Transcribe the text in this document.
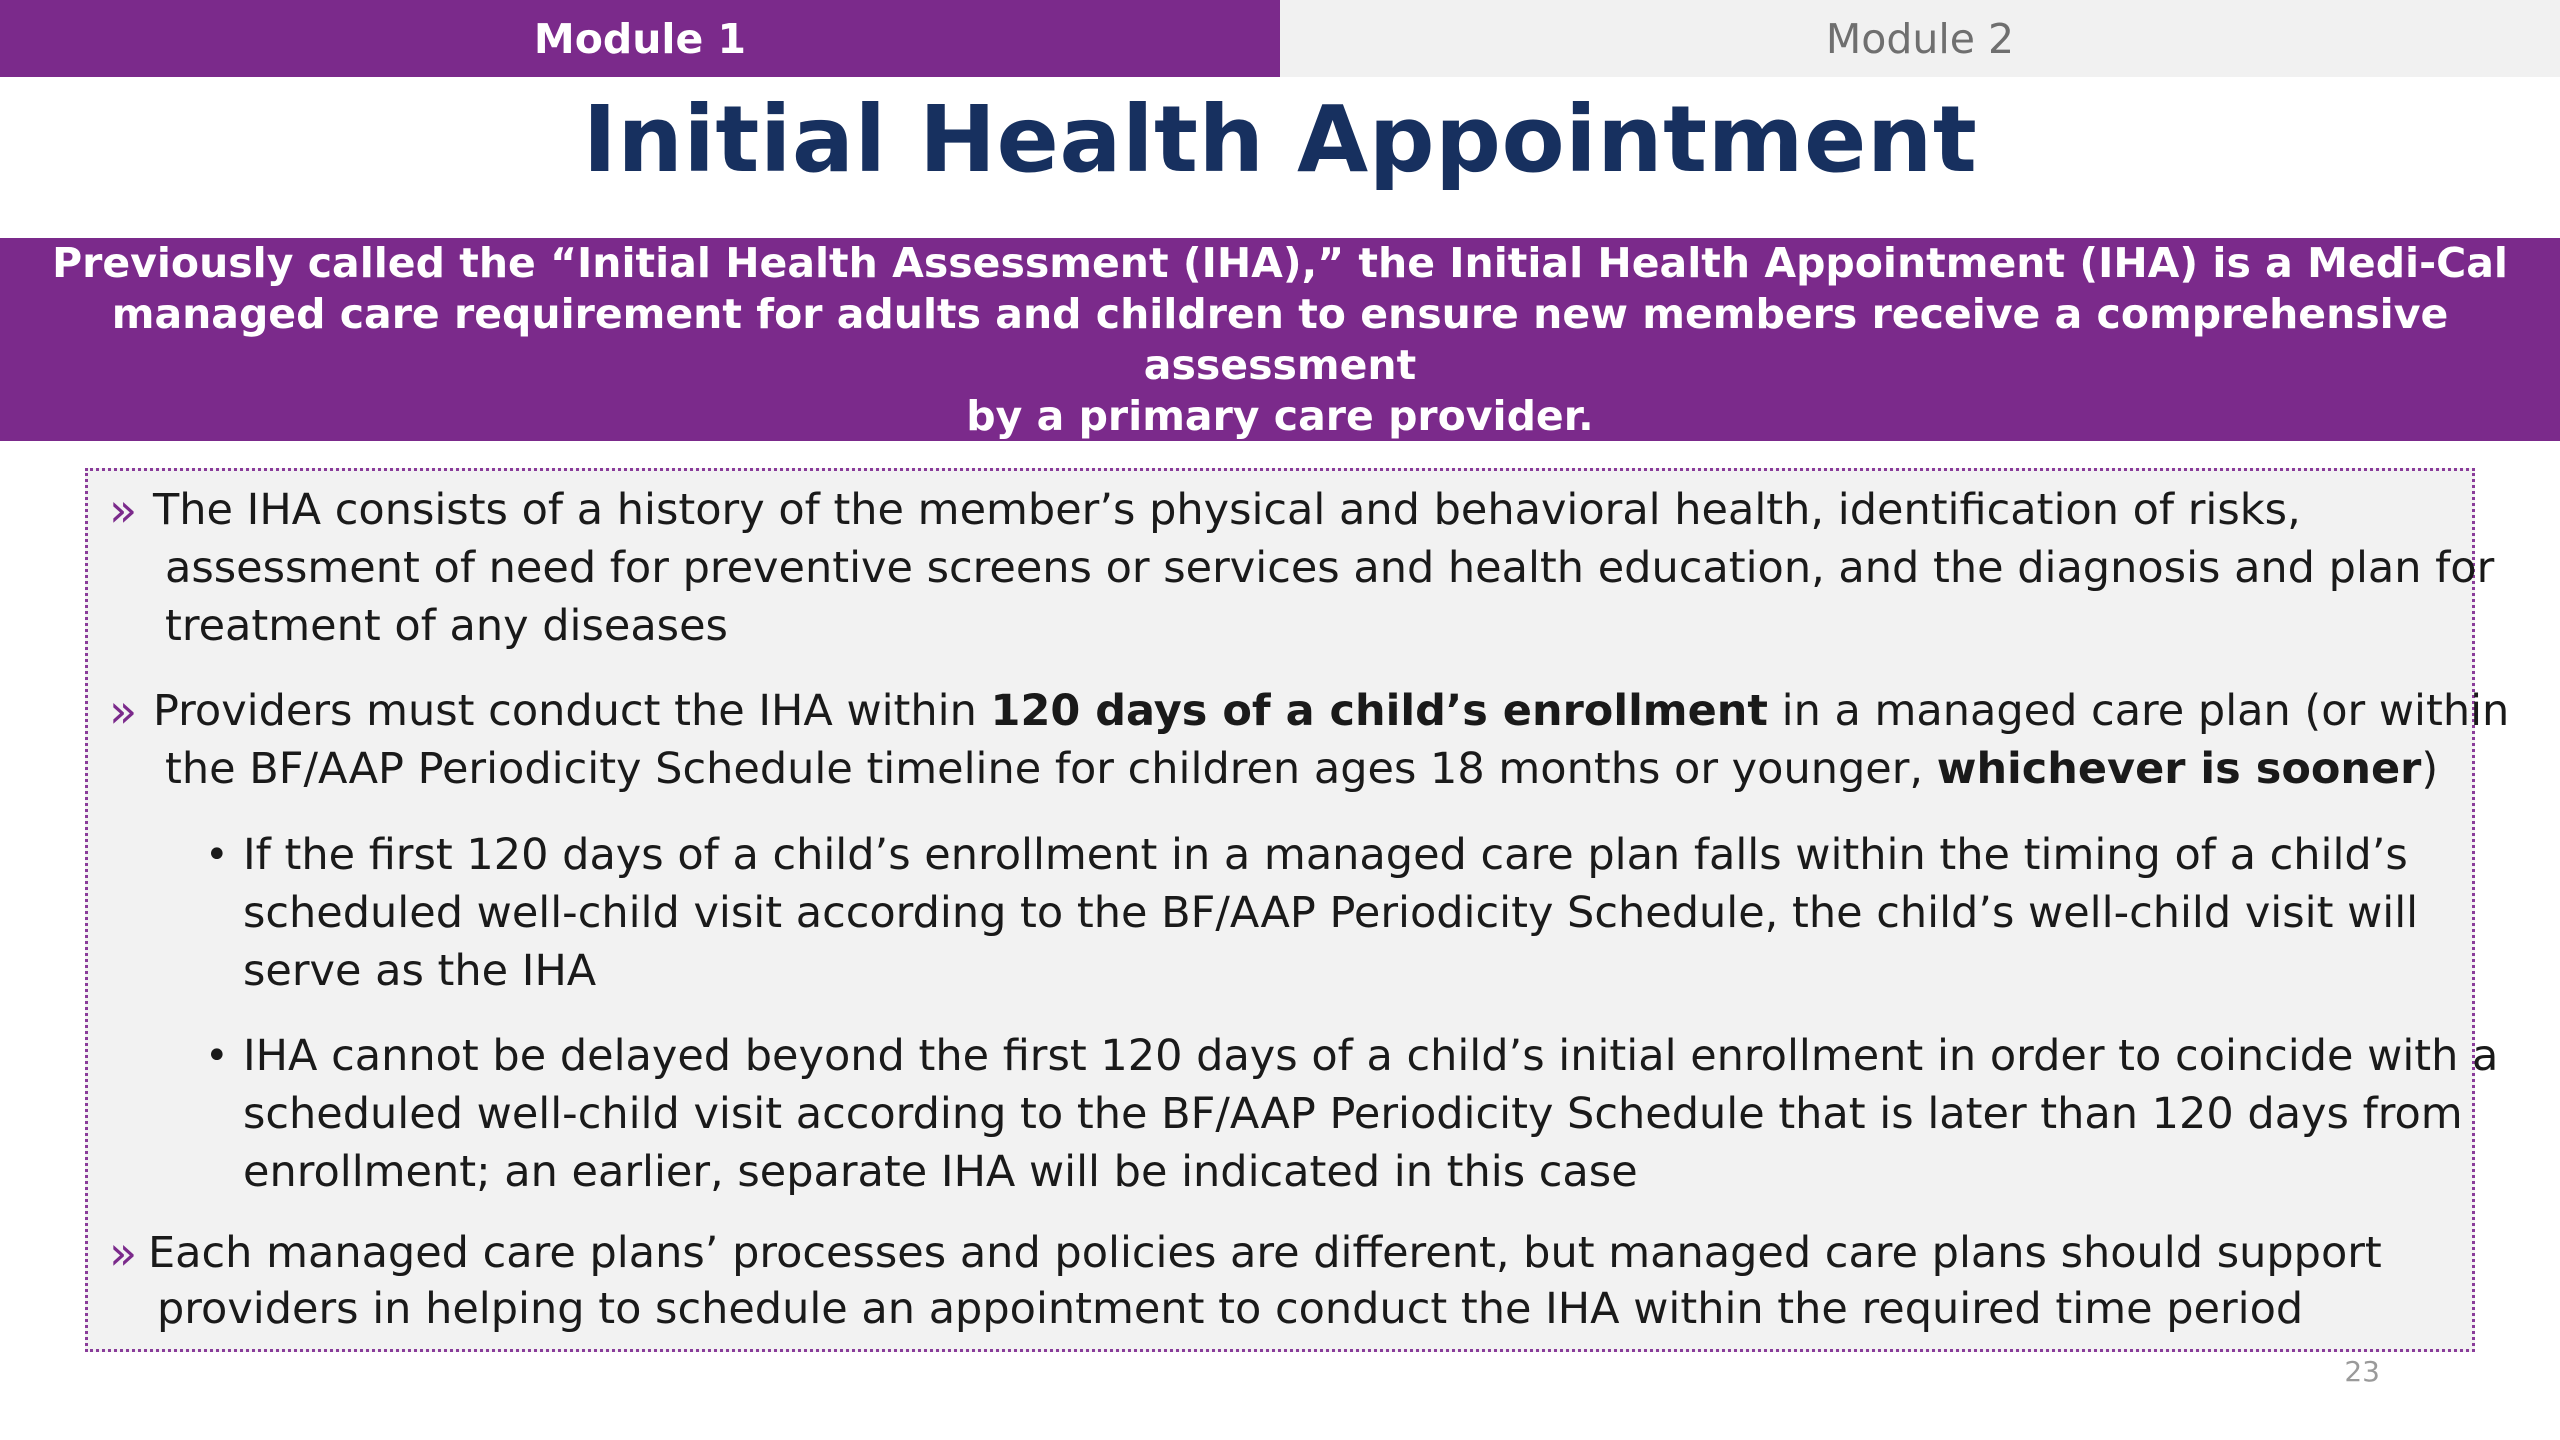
Module 1	Module 2
Initial Health Appointment
Previously called the “Initial Health Assessment (IHA),” the Initial Health Appointment (IHA) is a Medi-Cal
managed care requirement for adults and children to ensure new members receive a comprehensive assessment
by a primary care provider.
» The IHA consists of a history of the member’s physical and behavioral health, identification of risks,
assessment of need for preventive screens or services and health education, and the diagnosis and plan for
treatment of any diseases
» Providers must conduct the IHA within 120 days of a child’s enrollment in a managed care plan (or within
the BF/AAP Periodicity Schedule timeline for children ages 18 months or younger, whichever is sooner)
• If the first 120 days of a child’s enrollment in a managed care plan falls within the timing of a child’s
scheduled well-child visit according to the BF/AAP Periodicity Schedule, the child’s well-child visit will
serve as the IHA
• IHA cannot be delayed beyond the first 120 days of a child’s initial enrollment in order to coincide with a
scheduled well-child visit according to the BF/AAP Periodicity Schedule that is later than 120 days from
enrollment; an earlier, separate IHA will be indicated in this case
» Each managed care plans’ processes and policies are different, but managed care plans should support
providers in helping to schedule an appointment to conduct the IHA within the required time period
23
